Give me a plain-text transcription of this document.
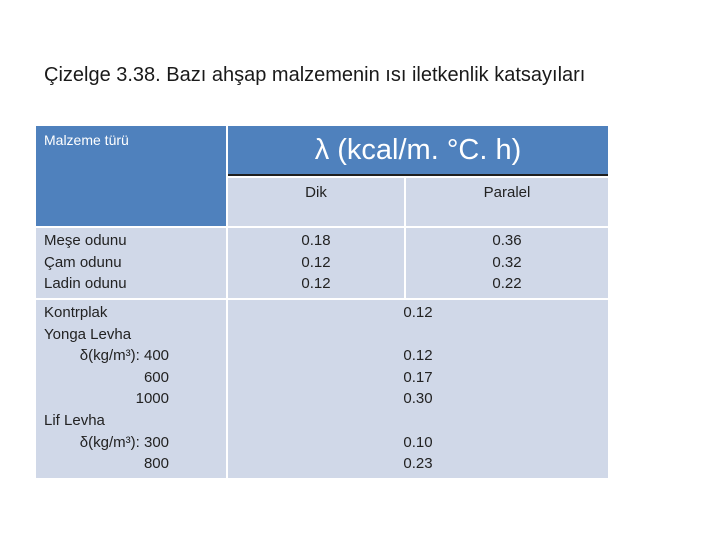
Çizelge 3.38. Bazı ahşap malzemenin ısı iletkenlik katsayıları
Malzeme türü	λ (kcal/m. °C. h)
Dik	Paralel
Meşe odunu
Çam odunu
Ladin odunu
0.18
0.12
0.12
0.36
0.32
0.22
Kontrplak
Yonga Levha
δ(kg/m³): 400
600
1000
Lif Levha
δ(kg/m³): 300
800
0.12
0.12
0.17
0.30
0.10
0.23
